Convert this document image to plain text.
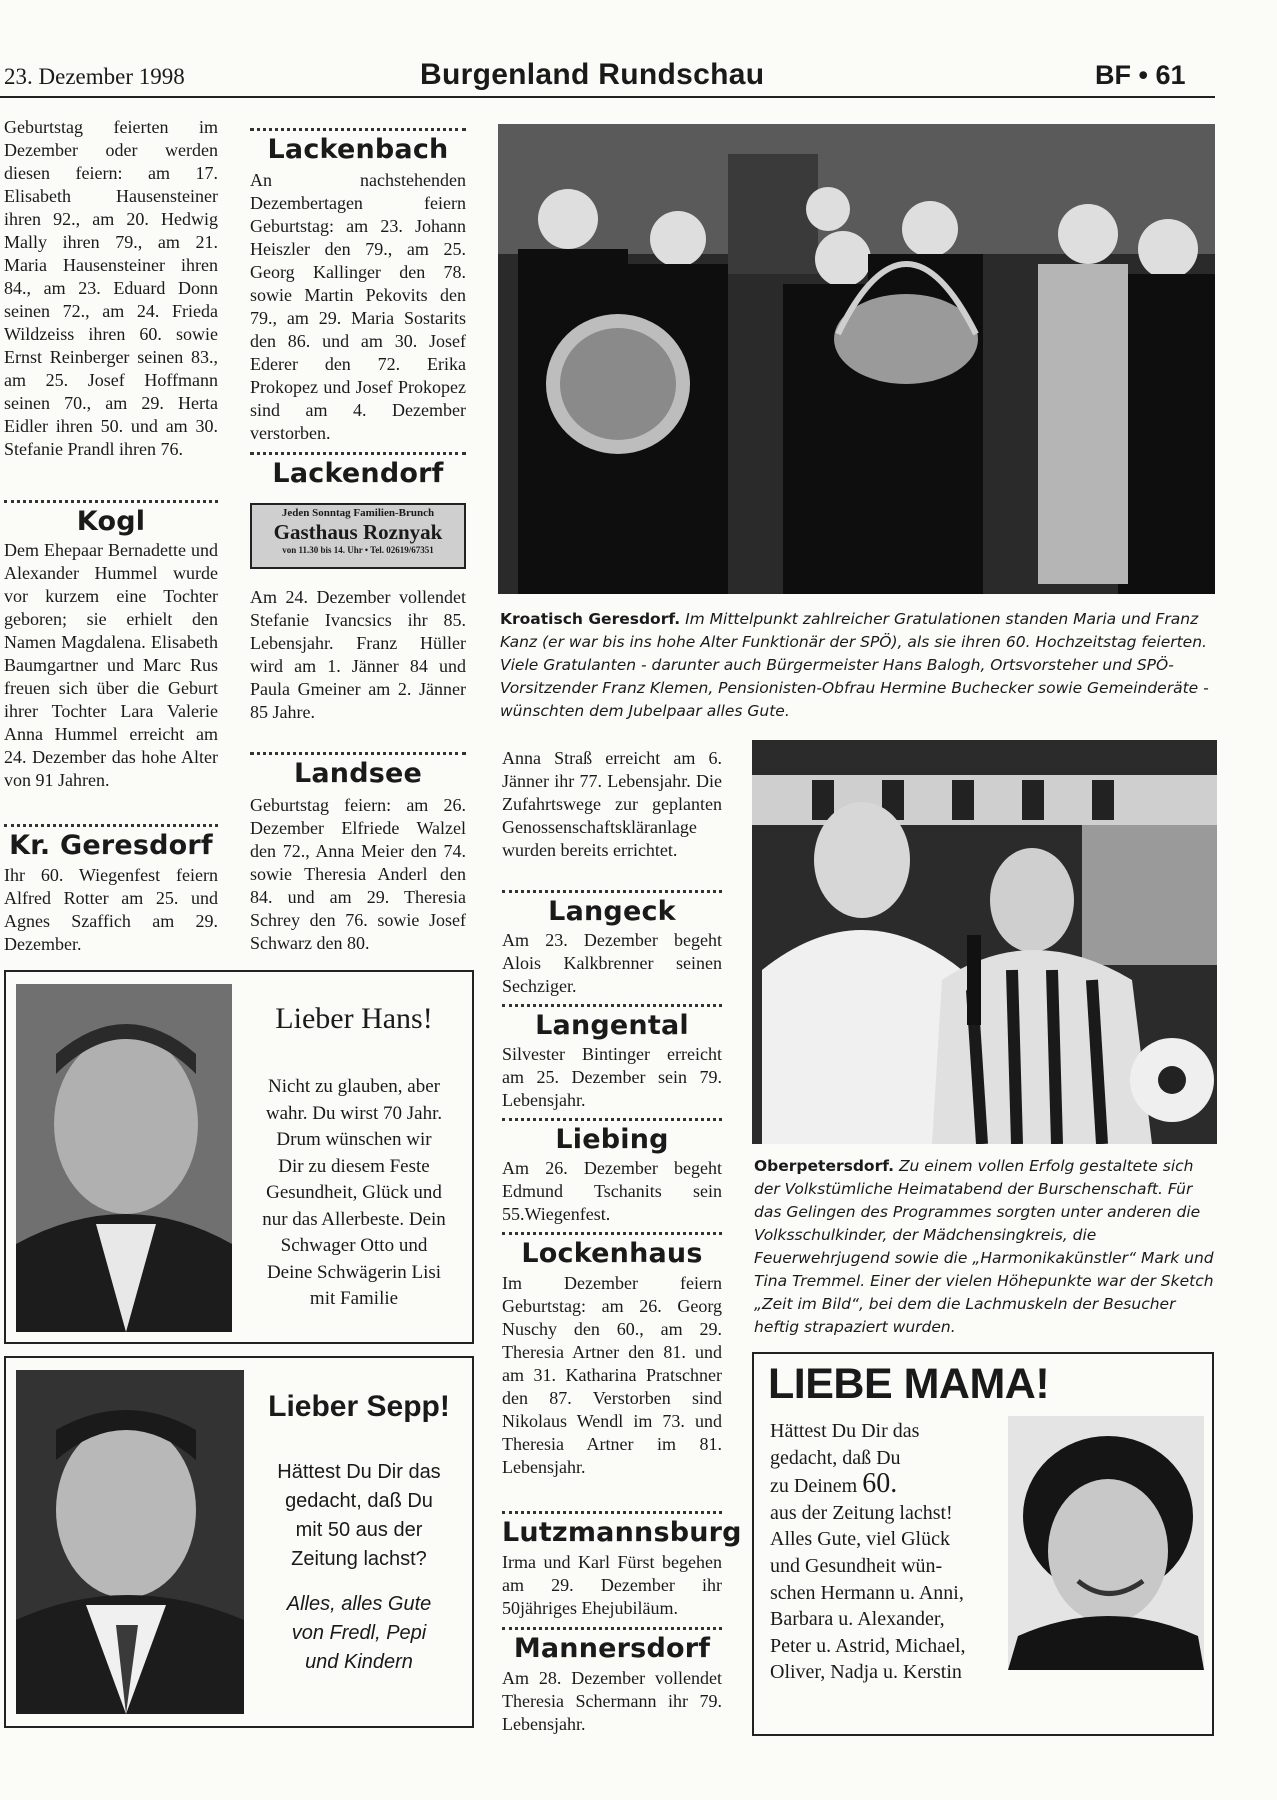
23. Dezember 1998	Burgenland Rundschau	BF • 61
Geburtstag feierten im Dezember oder werden diesen feiern: am 17. Elisabeth Hausensteiner ihren 92., am 20. Hedwig Mally ihren 79., am 21. Maria Hausensteiner ihren 84., am 23. Eduard Donn seinen 72., am 24. Frieda Wildzeiss ihren 60. sowie Ernst Reinberger seinen 83., am 25. Josef Hoffmann seinen 70., am 29. Herta Eidler ihren 50. und am 30. Stefanie Prandl ihren 76.
Kogl
Dem Ehepaar Bernadette und Alexander Hummel wurde vor kurzem eine Tochter geboren; sie erhielt den Namen Magdalena. Elisabeth Baumgartner und Marc Rus freuen sich über die Geburt ihrer Tochter Lara Valerie Anna Hummel erreicht am 24. Dezember das hohe Alter von 91 Jahren.
Kr. Geresdorf
Ihr 60. Wiegenfest feiern Alfred Rotter am 25. und Agnes Szaffich am 29. Dezember.
Lackenbach
An nachstehenden Dezembertagen feiern Geburtstag: am 23. Johann Heiszler den 79., am 25. Georg Kallinger den 78. sowie Martin Pekovits den 79., am 29. Maria Sostarits den 86. und am 30. Josef Ederer den 72. Erika Prokopez und Josef Prokopez sind am 4. Dezember verstorben.
Lackendorf
Jeden Sonntag Familien-Brunch
Gasthaus Roznyak
von 11.30 bis 14. Uhr • Tel. 02619/67351
Am 24. Dezember vollendet Stefanie Ivancsics ihr 85. Lebensjahr. Franz Hüller wird am 1. Jänner 84 und Paula Gmeiner am 2. Jänner 85 Jahre.
Landsee
Geburtstag feiern: am 26. Dezember Elfriede Walzel den 72., Anna Meier den 74. sowie Theresia Anderl den 84. und am 29. Theresia Schrey den 76. sowie Josef Schwarz den 80.
Kroatisch Geresdorf. Im Mittelpunkt zahlreicher Gratulationen standen Maria und Franz Kanz (er war bis ins hohe Alter Funktionär der SPÖ), als sie ihren 60. Hochzeitstag feierten. Viele Gratulanten - darunter auch Bürgermeister Hans Balogh, Ortsvorsteher und SPÖ-Vorsitzender Franz Klemen, Pensionisten-Obfrau Hermine Buchecker sowie Gemeinderäte - wünschten dem Jubelpaar alles Gute.
Anna Straß erreicht am 6. Jänner ihr 77. Lebensjahr. Die Zufahrtswege zur geplanten Genossenschaftskläranlage wurden bereits errichtet.
Langeck
Am 23. Dezember begeht Alois Kalkbrenner seinen Sechziger.
Langental
Silvester Bintinger erreicht am 25. Dezember sein 79. Lebensjahr.
Liebing
Am 26. Dezember begeht Edmund Tschanits sein 55.Wiegenfest.
Lockenhaus
Im Dezember feiern Geburtstag: am 26. Georg Nuschy den 60., am 29. Theresia Artner den 81. und am 31. Katharina Pratschner den 87. Verstorben sind Nikolaus Wendl im 73. und Theresia Artner im 81. Lebensjahr.
Lutzmannsburg
Irma und Karl Fürst begehen am 29. Dezember ihr 50jähriges Ehejubiläum.
Mannersdorf
Am 28. Dezember vollendet Theresia Schermann ihr 79. Lebensjahr.
Oberpetersdorf. Zu einem vollen Erfolg gestaltete sich der Volkstümliche Heimatabend der Burschenschaft. Für das Gelingen des Programmes sorgten unter anderen die Volksschulkinder, der Mädchensingkreis, die Feuerwehrjugend sowie die „Harmonikakünstler“ Mark und Tina Tremmel. Einer der vielen Höhepunkte war der Sketch „Zeit im Bild“, bei dem die Lachmuskeln der Besucher heftig strapaziert wurden.
Lieber Hans!
Nicht zu glauben, aber
wahr. Du wirst 70 Jahr.
Drum wünschen wir
Dir zu diesem Feste
Gesundheit, Glück und
nur das Allerbeste. Dein
Schwager Otto und
Deine Schwägerin Lisi
mit Familie
Lieber Sepp!
Hättest Du Dir das
gedacht, daß Du
mit 50 aus der
Zeitung lachst?
Alles, alles Gute
von Fredl, Pepi
und Kindern
LIEBE MAMA!
Hättest Du Dir das
gedacht, daß Du
zu Deinem 60.
aus der Zeitung lachst!
Alles Gute, viel Glück
und Gesundheit wün-
schen Hermann u. Anni,
Barbara u. Alexander,
Peter u. Astrid, Michael,
Oliver, Nadja u. Kerstin
